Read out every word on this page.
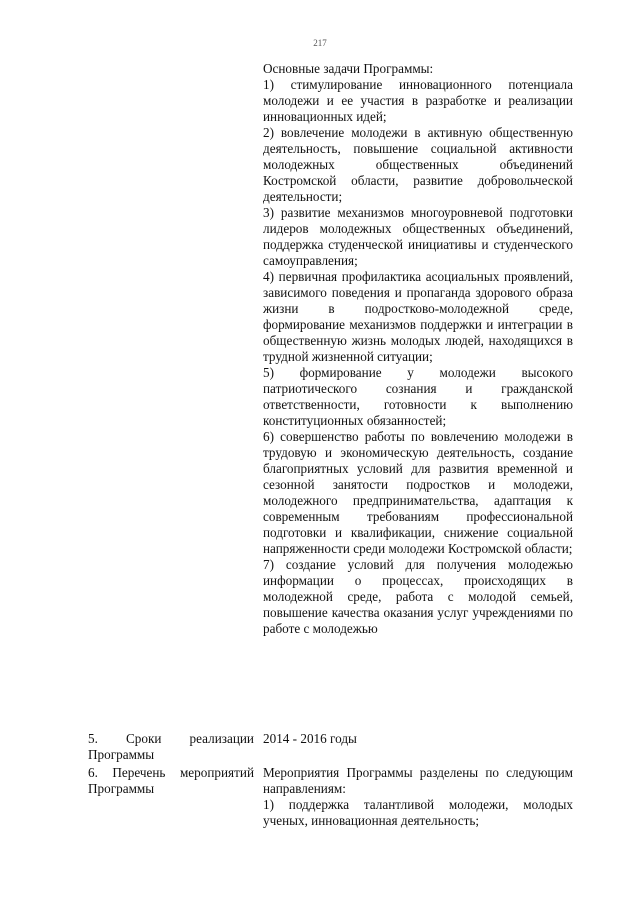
217

Основные задачи Программы:

1) стимулирование инновационного потенциала молодежи и ее участия в разработке и реализации инновационных идей;

2) вовлечение молодежи в активную общественную деятельность, повышение социальной активности молодежных общественных объединений Костромской области, развитие добровольческой деятельности;

3) развитие механизмов многоуровневой подготовки лидеров молодежных общественных объединений, поддержка студенческой инициативы и студенческого самоуправления;

4) первичная профилактика асоциальных проявлений, зависимого поведения и пропаганда здорового образа жизни в подростково-молодежной среде, формирование механизмов поддержки и интеграции в общественную жизнь молодых людей, находящихся в трудной жизненной ситуации;

5) формирование у молодежи высокого патриотического сознания и гражданской ответственности, готовности к выполнению конституционных обязанностей;

6) совершенство работы по вовлечению молодежи в трудовую и экономическую деятельность, создание благоприятных условий для развития временной и сезонной занятости подростков и молодежи, молодежного предпринимательства, адаптация к современным требованиям профессиональной подготовки и квалификации, снижение социальной напряженности среди молодежи Костромской области;

7) создание условий для получения молодежью информации о процессах, происходящих в молодежной среде, работа с молодой семьей, повышение качества оказания услуг учреждениями по работе с молодежью

5. Сроки реализации Программы

2014 - 2016 годы

6. Перечень мероприятий Программы

Мероприятия Программы разделены по следующим направлениям:

1) поддержка талантливой молодежи, молодых ученых, инновационная деятельность;
